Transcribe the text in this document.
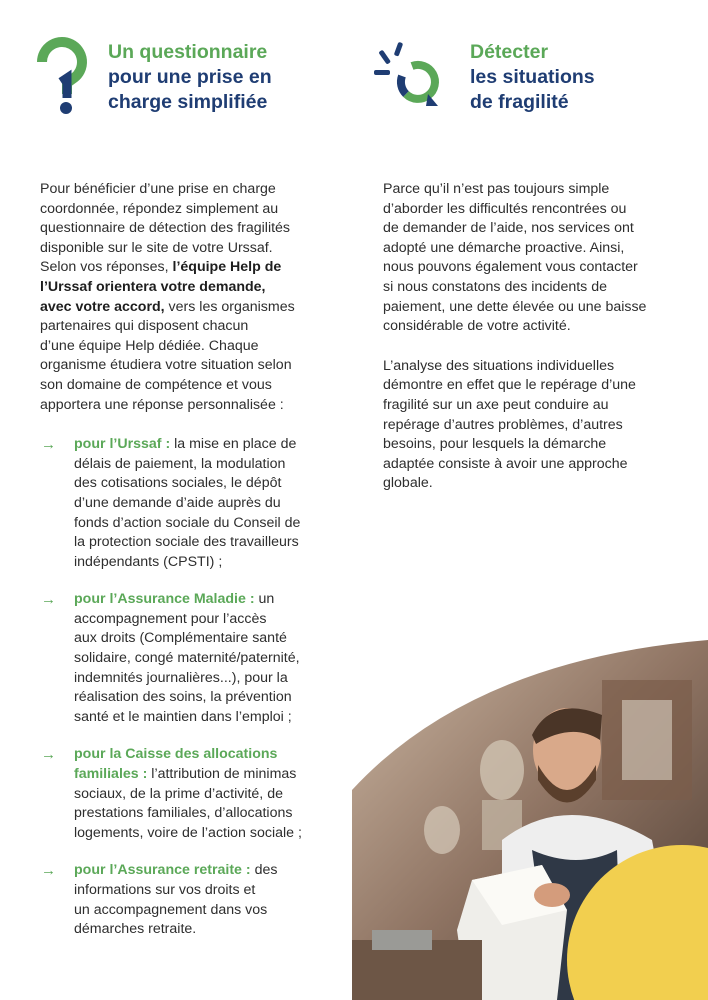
Un questionnaire
pour une prise en
charge simplifiée
Détecter
les situations
de fragilité
Pour bénéficier d’une prise en charge
coordonnée, répondez simplement au
questionnaire de détection des fragilités
disponible sur le site de votre Urssaf.
Selon vos réponses, l’équipe Help de
l’Urssaf orientera votre demande,
avec votre accord, vers les organismes
partenaires qui disposent chacun
d’une équipe Help dédiée. Chaque
organisme étudiera votre situation selon
son domaine de compétence et vous
apportera une réponse personnalisée :
→ pour l’Urssaf : la mise en place de
délais de paiement, la modulation
des cotisations sociales, le dépôt
d’une demande d’aide auprès du
fonds d’action sociale du Conseil de
la protection sociale des travailleurs
indépendants (CPSTI) ;
→ pour l’Assurance Maladie : un
accompagnement pour l’accès
aux droits (Complémentaire santé
solidaire, congé maternité/paternité,
indemnités journalières...), pour la
réalisation des soins, la prévention
santé et le maintien dans l’emploi ;
→ pour la Caisse des allocations
familiales : l’attribution de minimas
sociaux, de la prime d’activité, de
prestations familiales, d’allocations
logements, voire de l’action sociale ;
→ pour l’Assurance retraite : des
informations sur vos droits et
un accompagnement dans vos
démarches retraite.
Parce qu’il n’est pas toujours simple
d’aborder les difficultés rencontrées ou
de demander de l’aide, nos services ont
adopté une démarche proactive. Ainsi,
nous pouvons également vous contacter
si nous constatons des incidents de
paiement, une dette élevée ou une baisse
considérable de votre activité.
L’analyse des situations individuelles
démontre en effet que le repérage d’une
fragilité sur un axe peut conduire au
repérage d’autres problèmes, d’autres
besoins, pour lesquels la démarche
adaptée consiste à avoir une approche
globale.
